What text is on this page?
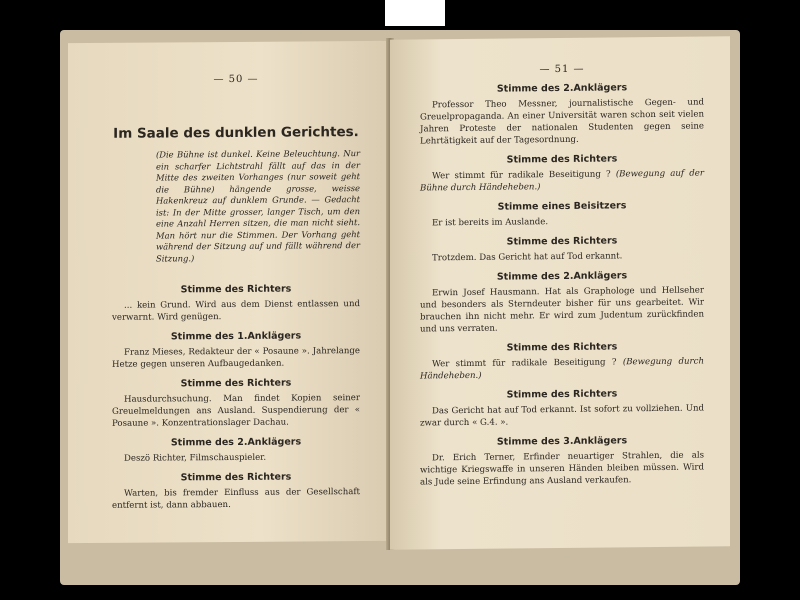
— 50 —
Im Saale des dunklen Gerichtes.

(Die Bühne ist dunkel. Keine Beleuchtung. Nur ein scharfer Lichtstrahl fällt auf das in der Mitte des zweiten Vorhanges (nur soweit geht die Bühne) hängende grosse, weisse Hakenkreuz auf dunklem Grunde. — Gedacht ist: In der Mitte grosser, langer Tisch, um den eine Anzahl Herren sitzen, die man nicht sieht. Man hört nur die Stimmen. Der Vorhang geht während der Sitzung auf und fällt während der Sitzung.)

Stimme des Richters

... kein Grund. Wird aus dem Dienst entlassen und verwarnt. Wird genügen.

Stimme des 1.Anklägers

Franz Mieses, Redakteur der « Posaune ». Jahrelange Hetze gegen unseren Aufbaugedanken.

Stimme des Richters

Hausdurchsuchung. Man findet Kopien seiner Greuelmeldungen ans Ausland. Suspendierung der « Posaune ». Konzentrationslager Dachau.

Stimme des 2.Anklägers

Deszö Richter, Filmschauspieler.

Stimme des Richters

Warten, bis fremder Einfluss aus der Gesellschaft entfernt ist, dann abbauen.

— 51 —
Stimme des 2.Anklägers

Professor Theo Messner, journalistische Gegen- und Greuelpropaganda. An einer Universität waren schon seit vielen Jahren Proteste der nationalen Studenten gegen seine Lehrtätigkeit auf der Tagesordnung.

Stimme des Richters

Wer stimmt für radikale Beseitigung ? (Bewegung auf der Bühne durch Händeheben.)

Stimme eines Beisitzers

Er ist bereits im Auslande.

Stimme des Richters

Trotzdem. Das Gericht hat auf Tod erkannt.

Stimme des 2.Anklägers

Erwin Josef Hausmann. Hat als Graphologe und Hellseher und besonders als Sterndeuter bisher für uns gearbeitet. Wir brauchen ihn nicht mehr. Er wird zum Judentum zurückfinden und uns verraten.

Stimme des Richters

Wer stimmt für radikale Beseitigung ? (Bewegung durch Händeheben.)

Stimme des Richters

Das Gericht hat auf Tod erkannt. Ist sofort zu vollziehen. Und zwar durch « G.4. ».

Stimme des 3.Anklägers

Dr. Erich Terner, Erfinder neuartiger Strahlen, die als wichtige Kriegswaffe in unseren Händen bleiben müssen. Wird als Jude seine Erfindung ans Ausland verkaufen.
